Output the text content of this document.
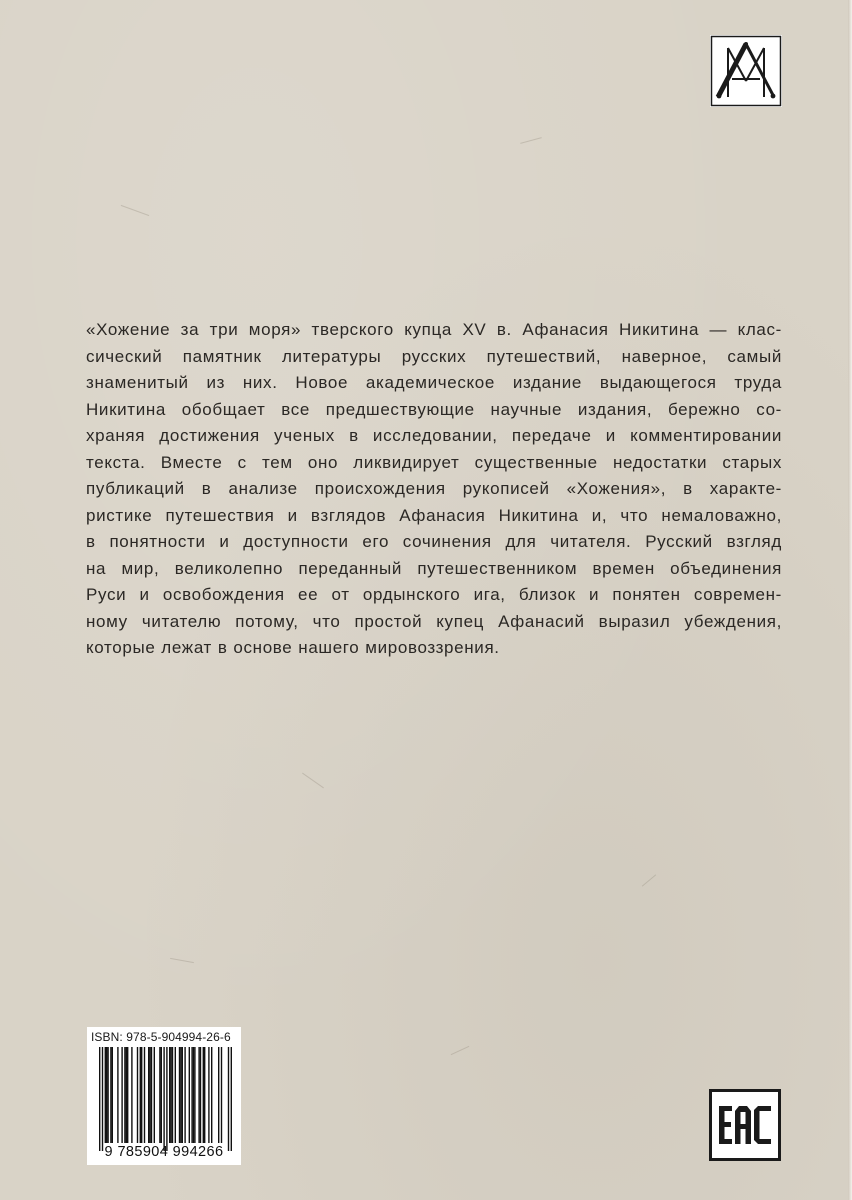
«Хожение за три моря» тверского купца XV в. Афанасия Никитина — клас-
сический памятник литературы русских путешествий, наверное, самый
знаменитый из них. Новое академическое издание выдающегося труда
Никитина обобщает все предшествующие научные издания, бережно со-
храняя достижения ученых в исследовании, передаче и комментировании
текста. Вместе с тем оно ликвидирует существенные недостатки старых
публикаций в анализе происхождения рукописей «Хожения», в характе-
ристике путешествия и взглядов Афанасия Никитина и, что немаловажно,
в понятности и доступности его сочинения для читателя. Русский взгляд
на мир, великолепно переданный путешественником времен объединения
Руси и освобождения ее от ордынского ига, близок и понятен современ-
ному читателю потому, что простой купец Афанасий выразил убеждения,
которые лежат в основе нашего мировоззрения.

ISBN: 978-5-904994-26-6
9 785904 994266
